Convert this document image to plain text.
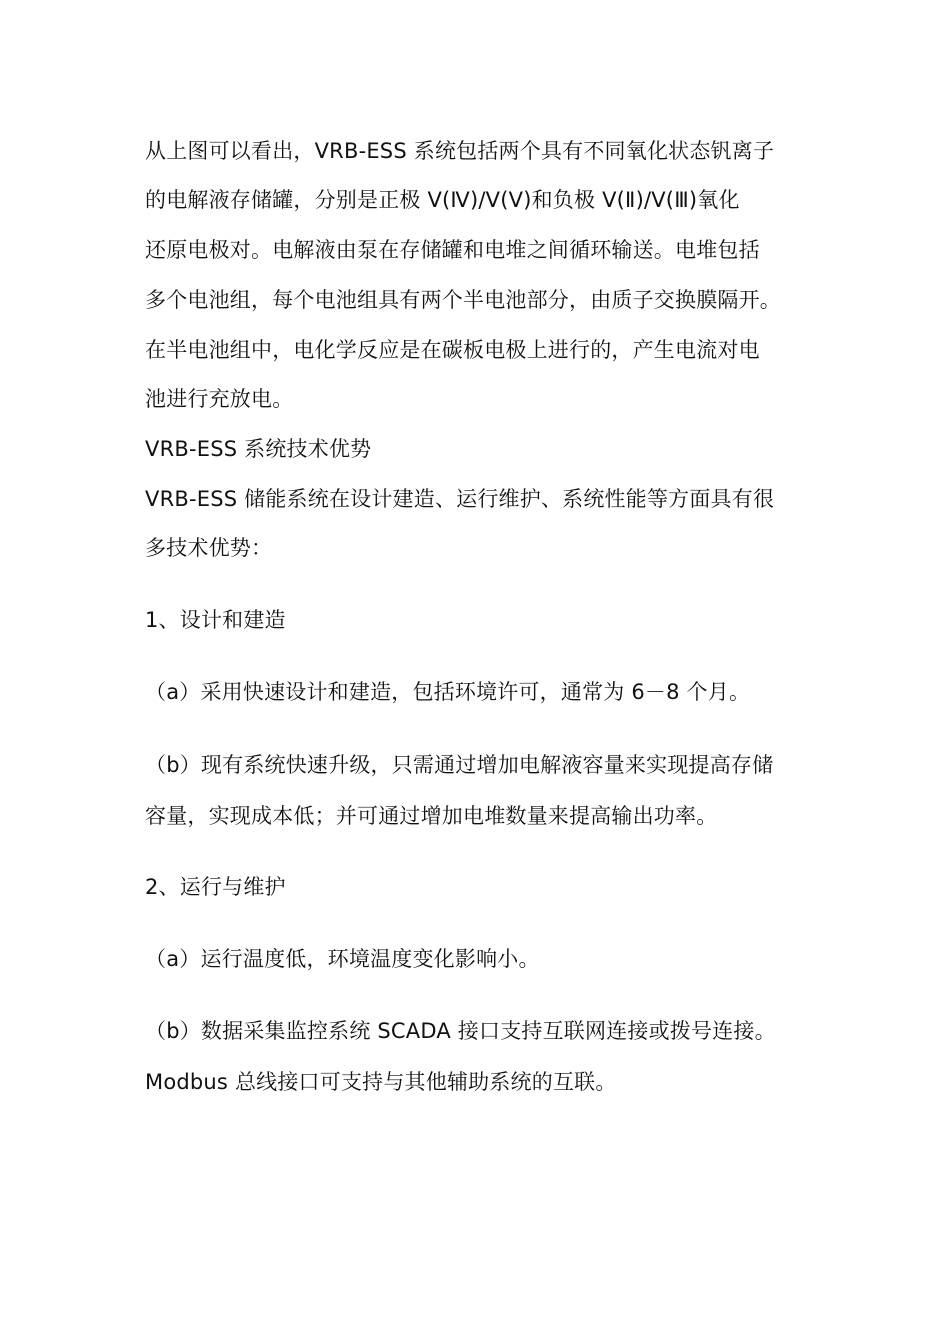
从上图可以看出，VRB-ESS 系统包括两个具有不同氧化状态钒离子
的电解液存储罐，分别是正极 V(Ⅳ)/V(Ⅴ)和负极 V(Ⅱ)/V(Ⅲ)氧化
还原电极对。电解液由泵在存储罐和电堆之间循环输送。电堆包括
多个电池组，每个电池组具有两个半电池部分，由质子交换膜隔开。
在半电池组中，电化学反应是在碳板电极上进行的，产生电流对电
池进行充放电。
VRB-ESS 系统技术优势
VRB-ESS 储能系统在设计建造、运行维护、系统性能等方面具有很
多技术优势：
1、设计和建造
（a）采用快速设计和建造，包括环境许可，通常为 6－8 个月。
（b）现有系统快速升级，只需通过增加电解液容量来实现提高存储
容量，实现成本低；并可通过增加电堆数量来提高输出功率。
2、运行与维护
（a）运行温度低，环境温度变化影响小。
（b）数据采集监控系统 SCADA 接口支持互联网连接或拨号连接。
Modbus 总线接口可支持与其他辅助系统的互联。
